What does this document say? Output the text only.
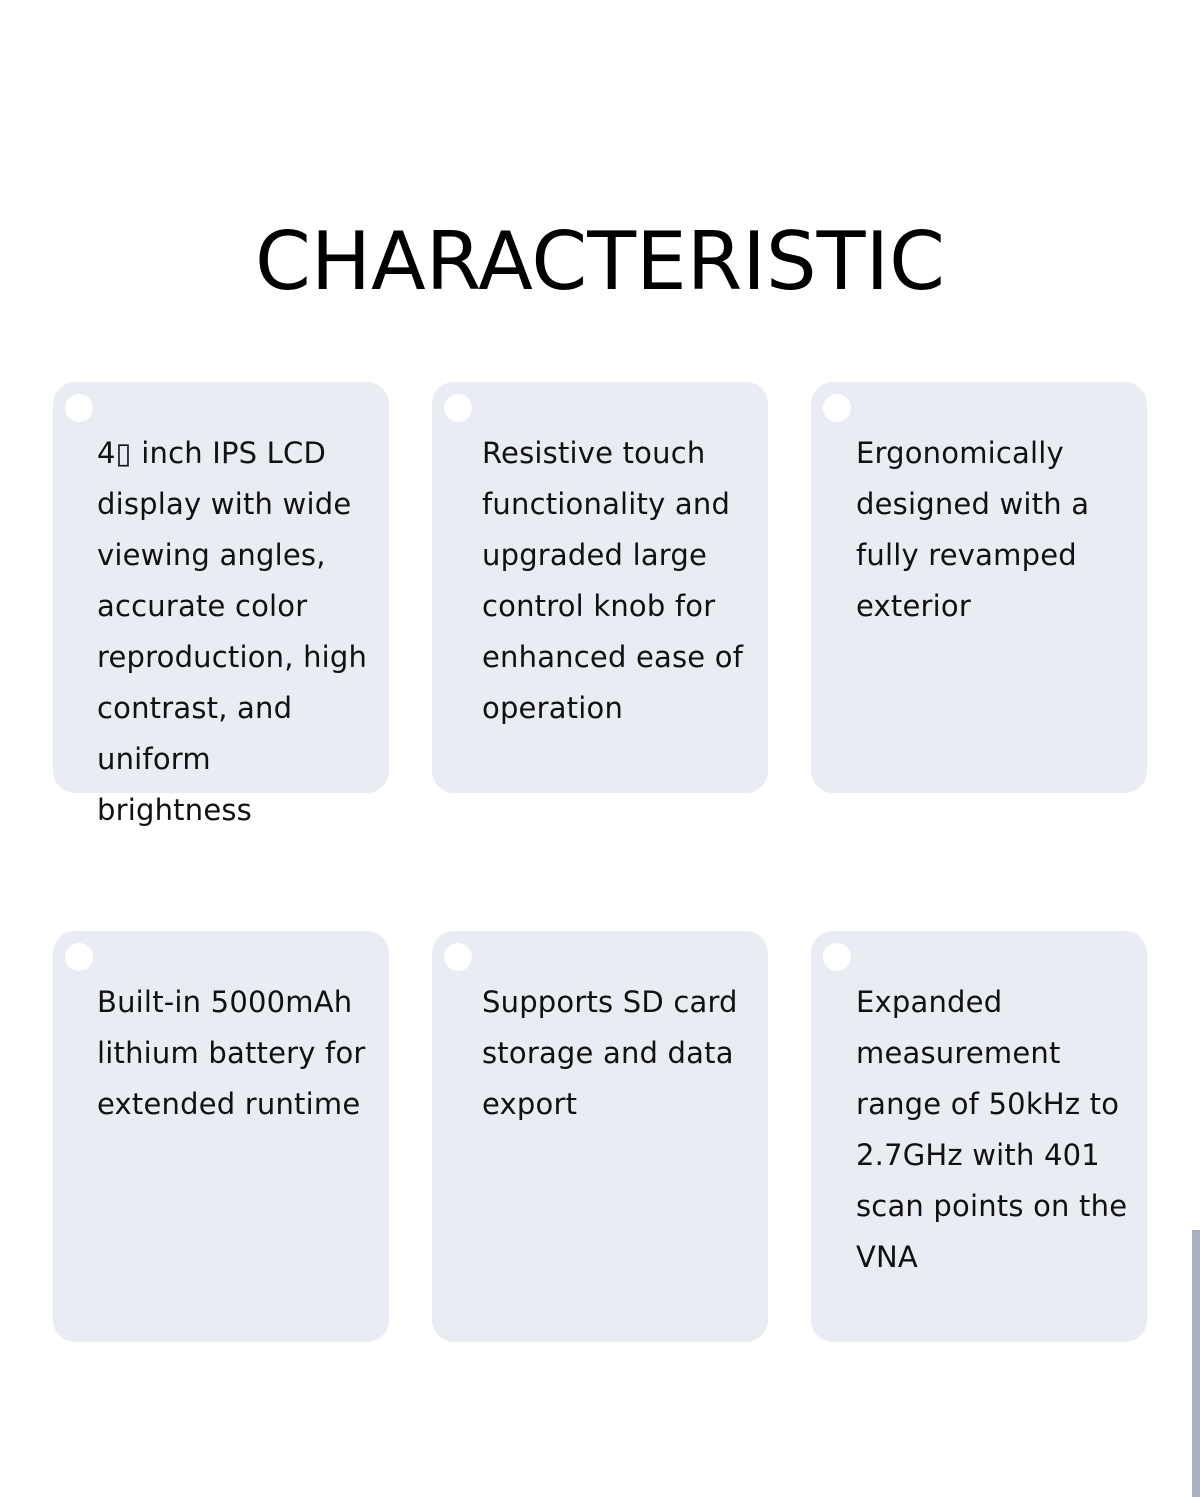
CHARACTERISTIC
4▯ inch IPS LCD display with wide viewing angles, accurate color reproduction, high contrast, and uniform brightness
Resistive touch functionality and upgraded large control knob for enhanced ease of operation
Ergonomically designed with a fully revamped exterior
Built-in 5000mAh lithium battery for extended runtime
Supports SD card storage and data export
Expanded measurement range of 50kHz to 2.7GHz with 401 scan points on the VNA
